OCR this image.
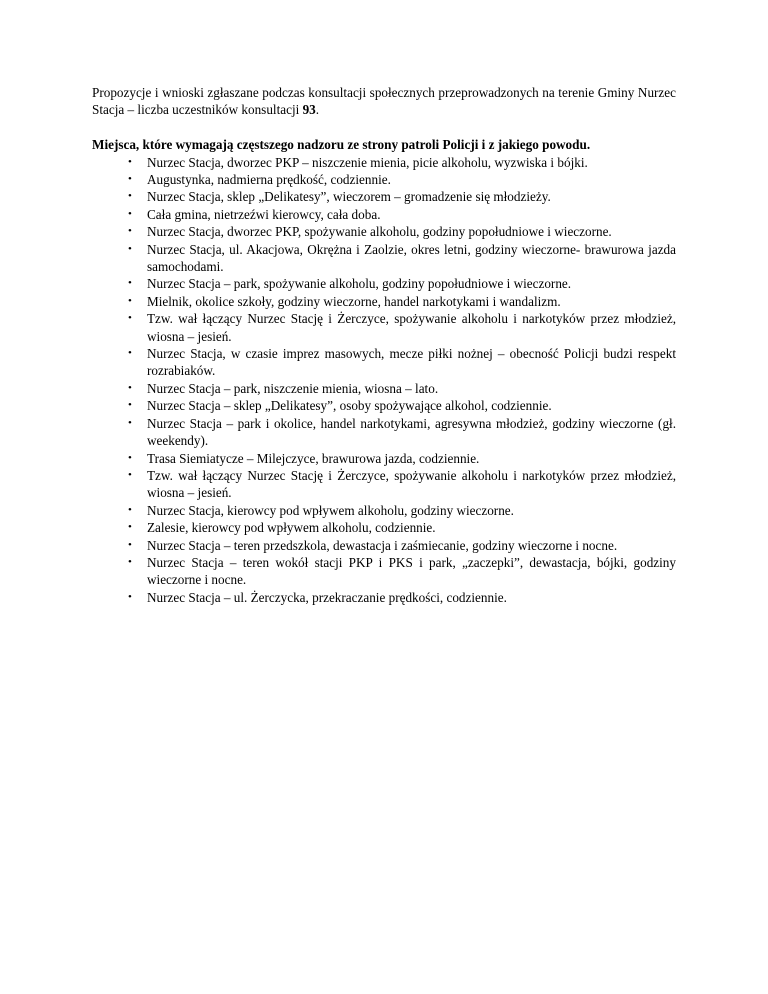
Propozycje i wnioski zgłaszane podczas konsultacji społecznych przeprowadzonych na terenie Gminy Nurzec Stacja – liczba uczestników konsultacji 93.

Miejsca, które wymagają częstszego nadzoru ze strony patroli Policji i z jakiego powodu.

• Nurzec Stacja, dworzec PKP – niszczenie mienia, picie alkoholu, wyzwiska i bójki.
• Augustynka, nadmierna prędkość, codziennie.
• Nurzec Stacja, sklep „Delikatesy”, wieczorem – gromadzenie się młodzieży.
• Cała gmina, nietrzeźwi kierowcy, cała doba.
• Nurzec Stacja, dworzec PKP, spożywanie alkoholu, godziny popołudniowe i wieczorne.
• Nurzec Stacja, ul. Akacjowa, Okrężna i Zaolzie, okres letni, godziny wieczorne- brawurowa jazda samochodami.
• Nurzec Stacja – park, spożywanie alkoholu, godziny popołudniowe i wieczorne.
• Mielnik, okolice szkoły, godziny wieczorne, handel narkotykami i wandalizm.
• Tzw. wał łączący Nurzec Stację i Żerczyce, spożywanie alkoholu i narkotyków przez młodzież, wiosna – jesień.
• Nurzec Stacja, w czasie imprez masowych, mecze piłki nożnej – obecność Policji budzi respekt rozrabiaków.
• Nurzec Stacja – park, niszczenie mienia, wiosna – lato.
• Nurzec Stacja – sklep „Delikatesy”, osoby spożywające alkohol, codziennie.
• Nurzec Stacja – park i okolice, handel narkotykami, agresywna młodzież, godziny wieczorne (gł. weekendy).
• Trasa Siemiatycze – Milejczyce, brawurowa jazda, codziennie.
• Tzw. wał łączący Nurzec Stację i Żerczyce, spożywanie alkoholu i narkotyków przez młodzież, wiosna – jesień.
• Nurzec Stacja, kierowcy pod wpływem alkoholu, godziny wieczorne.
• Zalesie, kierowcy pod wpływem alkoholu, codziennie.
• Nurzec Stacja – teren przedszkola, dewastacja i zaśmiecanie, godziny wieczorne i nocne.
• Nurzec Stacja – teren wokół stacji PKP i PKS i park, „zaczepki”, dewastacja, bójki, godziny wieczorne i nocne.
• Nurzec Stacja – ul. Żerczycka, przekraczanie prędkości, codziennie.
